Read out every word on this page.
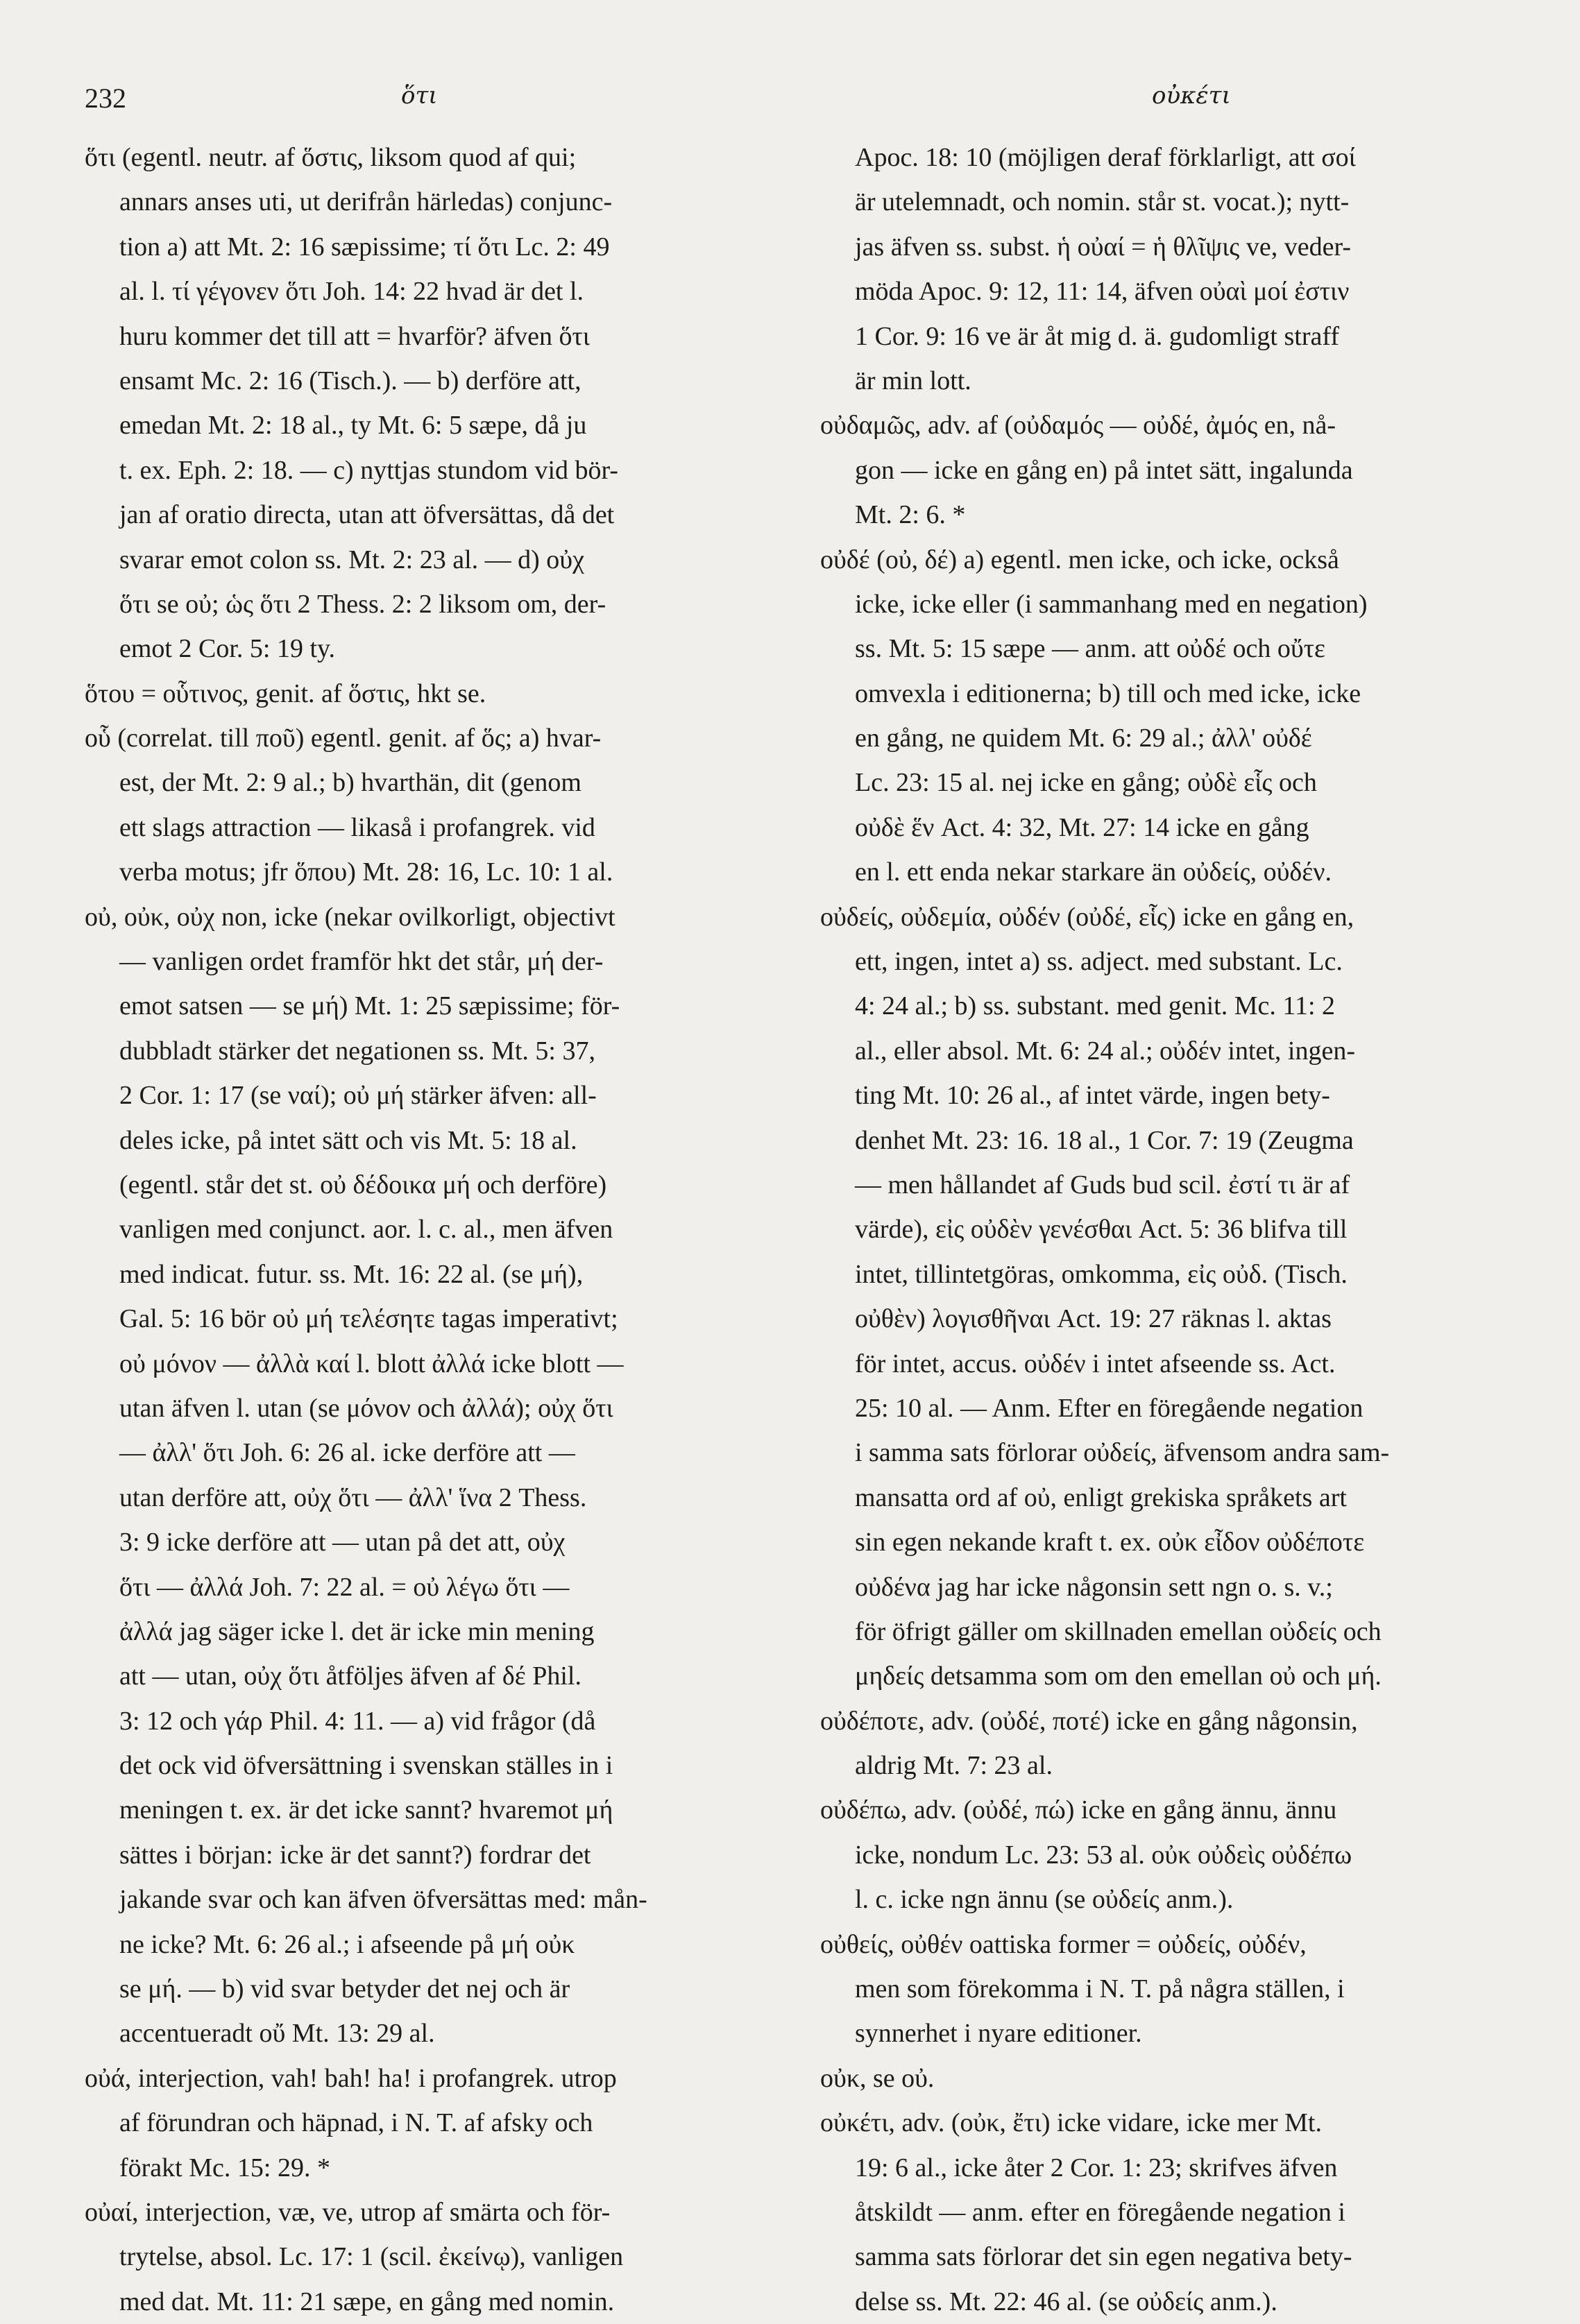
232	ὅτι	οὐκέτι
ὅτι (egentl. neutr. af ὅστις, liksom quod af qui;
annars anses uti, ut derifrån härledas) conjunc-
tion a) att Mt. 2: 16 sæpissime; τί ὅτι Lc. 2: 49
al. l. τί γέγονεν ὅτι Joh. 14: 22 hvad är det l.
huru kommer det till att = hvarför? äfven ὅτι
ensamt Mc. 2: 16 (Tisch.). — b) derföre att,
emedan Mt. 2: 18 al., ty Mt. 6: 5 sæpe, då ju
t. ex. Eph. 2: 18. — c) nyttjas stundom vid bör-
jan af oratio directa, utan att öfversättas, då det
svarar emot colon ss. Mt. 2: 23 al. — d) οὐχ
ὅτι se οὐ; ὡς ὅτι 2 Thess. 2: 2 liksom om, der-
emot 2 Cor. 5: 19 ty.
ὅτου = οὗτινος, genit. af ὅστις, hkt se.
οὗ (correlat. till ποῦ) egentl. genit. af ὅς; a) hvar-
est, der Mt. 2: 9 al.; b) hvarthän, dit (genom
ett slags attraction — likaså i profangrek. vid
verba motus; jfr ὅπου) Mt. 28: 16, Lc. 10: 1 al.
οὐ, οὐκ, οὐχ non, icke (nekar ovilkorligt, objectivt
— vanligen ordet framför hkt det står, μή der-
emot satsen — se μή) Mt. 1: 25 sæpissime; för-
dubbladt stärker det negationen ss. Mt. 5: 37,
2 Cor. 1: 17 (se ναί); οὐ μή stärker äfven: all-
deles icke, på intet sätt och vis Mt. 5: 18 al.
(egentl. står det st. οὐ δέδοικα μή och derföre)
vanligen med conjunct. aor. l. c. al., men äfven
med indicat. futur. ss. Mt. 16: 22 al. (se μή),
Gal. 5: 16 bör οὐ μή τελέσητε tagas imperativt;
οὐ μόνον — ἀλλὰ καί l. blott ἀλλά icke blott —
utan äfven l. utan (se μόνον och ἀλλά); οὐχ ὅτι
— ἀλλ' ὅτι Joh. 6: 26 al. icke derföre att —
utan derföre att, οὐχ ὅτι — ἀλλ' ἵνα 2 Thess.
3: 9 icke derföre att — utan på det att, οὐχ
ὅτι — ἀλλά Joh. 7: 22 al. = οὐ λέγω ὅτι —
ἀλλά jag säger icke l. det är icke min mening
att — utan, οὐχ ὅτι åtföljes äfven af δέ Phil.
3: 12 och γάρ Phil. 4: 11. — a) vid frågor (då
det ock vid öfversättning i svenskan ställes in i
meningen t. ex. är det icke sannt? hvaremot μή
sättes i början: icke är det sannt?) fordrar det
jakande svar och kan äfven öfversättas med: mån-
ne icke? Mt. 6: 26 al.; i afseende på μή οὐκ
se μή. — b) vid svar betyder det nej och är
accentueradt οὔ Mt. 13: 29 al.
οὐά, interjection, vah! bah! ha! i profangrek. utrop
af förundran och häpnad, i N. T. af afsky och
förakt Mc. 15: 29. *
οὐαί, interjection, væ, ve, utrop af smärta och för-
trytelse, absol. Lc. 17: 1 (scil. ἐκείνῳ), vanligen
med dat. Mt. 11: 21 sæpe, en gång med nomin.
Apoc. 18: 10 (möjligen deraf förklarligt, att σοί
är utelemnadt, och nomin. står st. vocat.); nytt-
jas äfven ss. subst. ἡ οὐαί = ἡ θλῖψις ve, veder-
möda Apoc. 9: 12, 11: 14, äfven οὐαὶ μοί ἐστιν
1 Cor. 9: 16 ve är åt mig d. ä. gudomligt straff
är min lott.
οὐδαμῶς, adv. af (οὐδαμός — οὐδέ, ἀμός en, nå-
gon — icke en gång en) på intet sätt, ingalunda
Mt. 2: 6. *
οὐδέ (οὐ, δέ) a) egentl. men icke, och icke, också
icke, icke eller (i sammanhang med en negation)
ss. Mt. 5: 15 sæpe — anm. att οὐδέ och οὔτε
omvexla i editionerna; b) till och med icke, icke
en gång, ne quidem Mt. 6: 29 al.; ἀλλ' οὐδέ
Lc. 23: 15 al. nej icke en gång; οὐδὲ εἷς och
οὐδὲ ἕν Act. 4: 32, Mt. 27: 14 icke en gång
en l. ett enda nekar starkare än οὐδείς, οὐδέν.
οὐδείς, οὐδεμία, οὐδέν (οὐδέ, εἷς) icke en gång en,
ett, ingen, intet a) ss. adject. med substant. Lc.
4: 24 al.; b) ss. substant. med genit. Mc. 11: 2
al., eller absol. Mt. 6: 24 al.; οὐδέν intet, ingen-
ting Mt. 10: 26 al., af intet värde, ingen bety-
denhet Mt. 23: 16. 18 al., 1 Cor. 7: 19 (Zeugma
— men hållandet af Guds bud scil. ἐστί τι är af
värde), εἰς οὐδὲν γενέσθαι Act. 5: 36 blifva till
intet, tillintetgöras, omkomma, εἰς οὐδ. (Tisch.
οὐθὲν) λογισθῆναι Act. 19: 27 räknas l. aktas
för intet, accus. οὐδέν i intet afseende ss. Act.
25: 10 al. — Anm. Efter en föregående negation
i samma sats förlorar οὐδείς, äfvensom andra sam-
mansatta ord af οὐ, enligt grekiska språkets art
sin egen nekande kraft t. ex. οὐκ εἶδον οὐδέποτε
οὐδένα jag har icke någonsin sett ngn o. s. v.;
för öfrigt gäller om skillnaden emellan οὐδείς och
μηδείς detsamma som om den emellan οὐ och μή.
οὐδέποτε, adv. (οὐδέ, ποτέ) icke en gång någonsin,
aldrig Mt. 7: 23 al.
οὐδέπω, adv. (οὐδέ, πώ) icke en gång ännu, ännu
icke, nondum Lc. 23: 53 al. οὐκ οὐδεὶς οὐδέπω
l. c. icke ngn ännu (se οὐδείς anm.).
οὐθείς, οὐθέν oattiska former = οὐδείς, οὐδέν,
men som förekomma i N. T. på några ställen, i
synnerhet i nyare editioner.
οὐκ, se οὐ.
οὐκέτι, adv. (οὐκ, ἔτι) icke vidare, icke mer Mt.
19: 6 al., icke åter 2 Cor. 1: 23; skrifves äfven
åtskildt — anm. efter en föregående negation i
samma sats förlorar det sin egen negativa bety-
delse ss. Mt. 22: 46 al. (se οὐδείς anm.).
